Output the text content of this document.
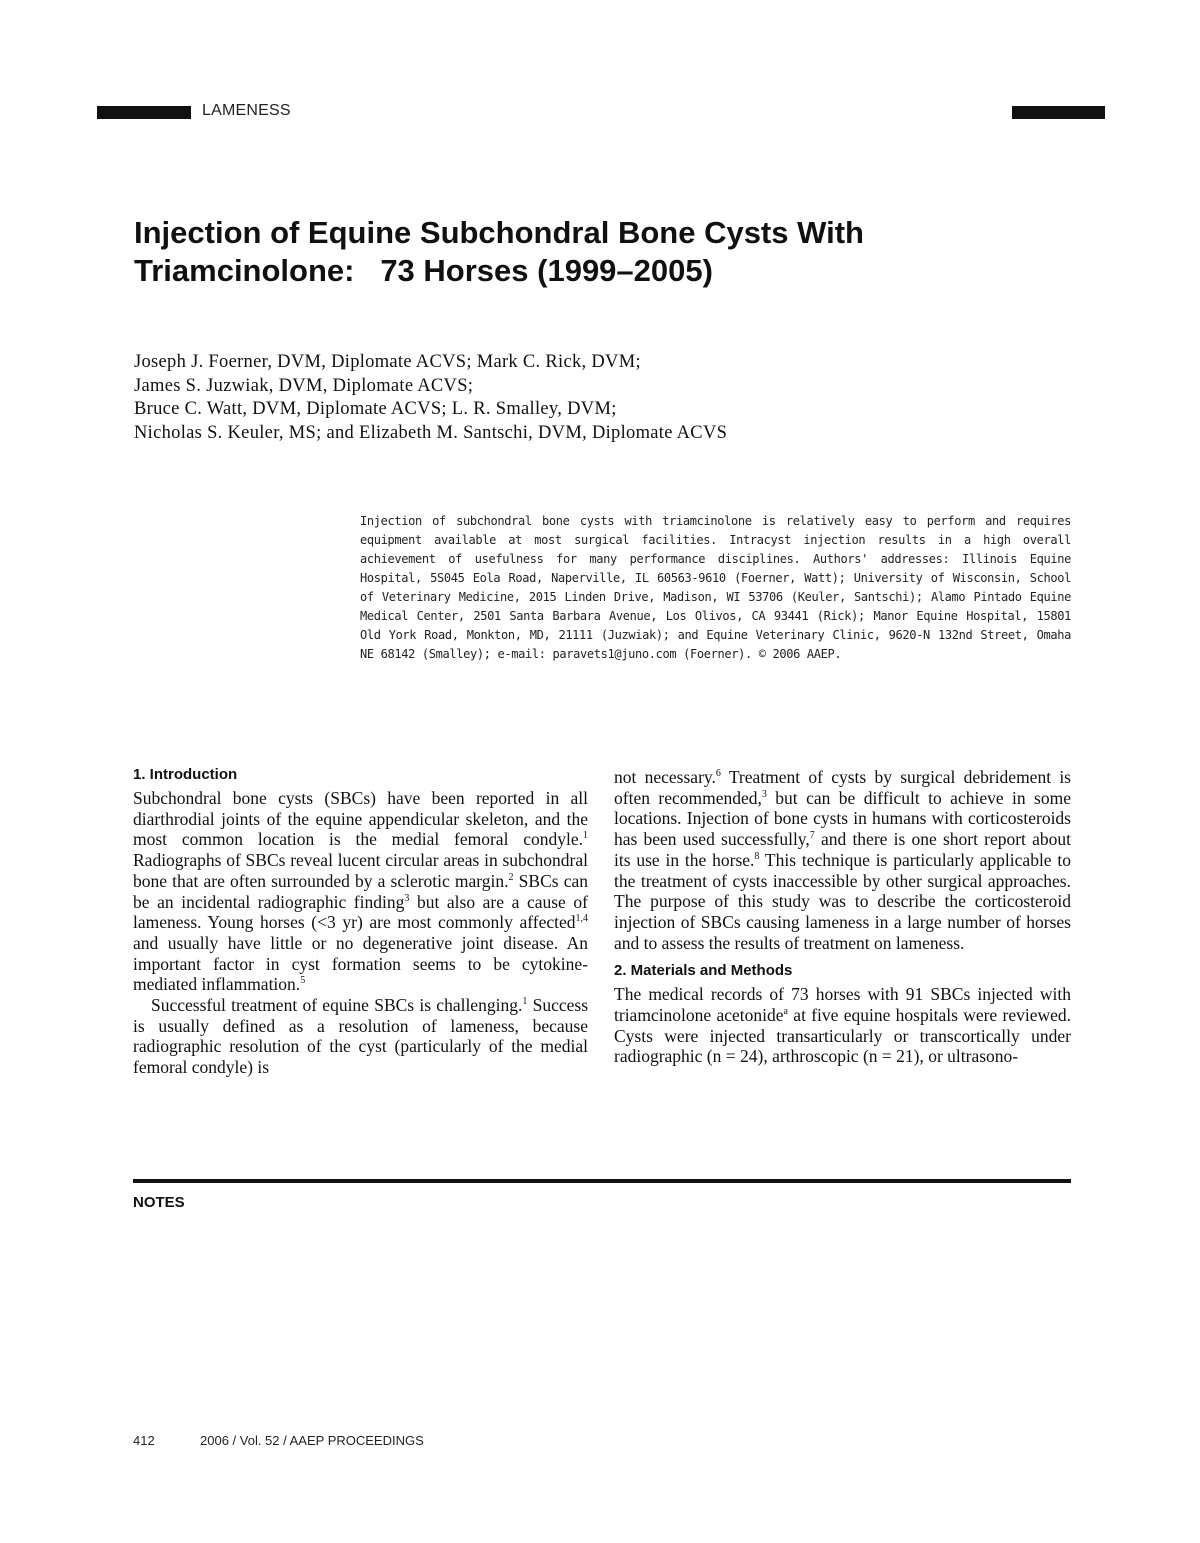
LAMENESS
Injection of Equine Subchondral Bone Cysts With
Triamcinolone:   73 Horses (1999–2005)
Joseph J. Foerner, DVM, Diplomate ACVS; Mark C. Rick, DVM;
James S. Juzwiak, DVM, Diplomate ACVS;
Bruce C. Watt, DVM, Diplomate ACVS; L. R. Smalley, DVM;
Nicholas S. Keuler, MS; and Elizabeth M. Santschi, DVM, Diplomate ACVS
Injection of subchondral bone cysts with triamcinolone is relatively easy to perform and requires equipment available at most surgical facilities. Intracyst injection results in a high overall achievement of usefulness for many performance disciplines. Authors' addresses: Illinois Equine Hospital, 5S045 Eola Road, Naperville, IL 60563-9610 (Foerner, Watt); University of Wisconsin, School of Veterinary Medicine, 2015 Linden Drive, Madison, WI 53706 (Keuler, Santschi); Alamo Pintado Equine Medical Center, 2501 Santa Barbara Avenue, Los Olivos, CA 93441 (Rick); Manor Equine Hospital, 15801 Old York Road, Monkton, MD, 21111 (Juzwiak); and Equine Veterinary Clinic, 9620-N 132nd Street, Omaha NE 68142 (Smalley); e-mail: paravets1@juno.com (Foerner). © 2006 AAEP.
1. Introduction

Subchondral bone cysts (SBCs) have been reported in all diarthrodial joints of the equine appendicular skeleton, and the most common location is the medial femoral condyle.$^1$ Radiographs of SBCs reveal lucent circular areas in subchondral bone that are often surrounded by a sclerotic margin.$^2$ SBCs can be an incidental radiographic finding$^3$ but also are a cause of lameness. Young horses (<3 yr) are most commonly affected$^{1,4}$ and usually have little or no degenerative joint disease. An important factor in cyst formation seems to be cytokine-mediated inflammation.$^5$

Successful treatment of equine SBCs is challenging.$^1$ Success is usually defined as a resolution of lameness, because radiographic resolution of the cyst (particularly of the medial femoral condyle) is

not necessary.$^6$ Treatment of cysts by surgical debridement is often recommended,$^3$ but can be difficult to achieve in some locations. Injection of bone cysts in humans with corticosteroids has been used successfully,$^7$ and there is one short report about its use in the horse.$^8$ This technique is particularly applicable to the treatment of cysts inaccessible by other surgical approaches. The purpose of this study was to describe the corticosteroid injection of SBCs causing lameness in a large number of horses and to assess the results of treatment on lameness.

2. Materials and Methods

The medical records of 73 horses with 91 SBCs injected with triamcinolone acetonide$^a$ at five equine hospitals were reviewed. Cysts were injected transarticularly or transcortically under radiographic (n = 24), arthroscopic (n = 21), or ultrasono-

NOTES
412	2006 / Vol. 52 / AAEP PROCEEDINGS
